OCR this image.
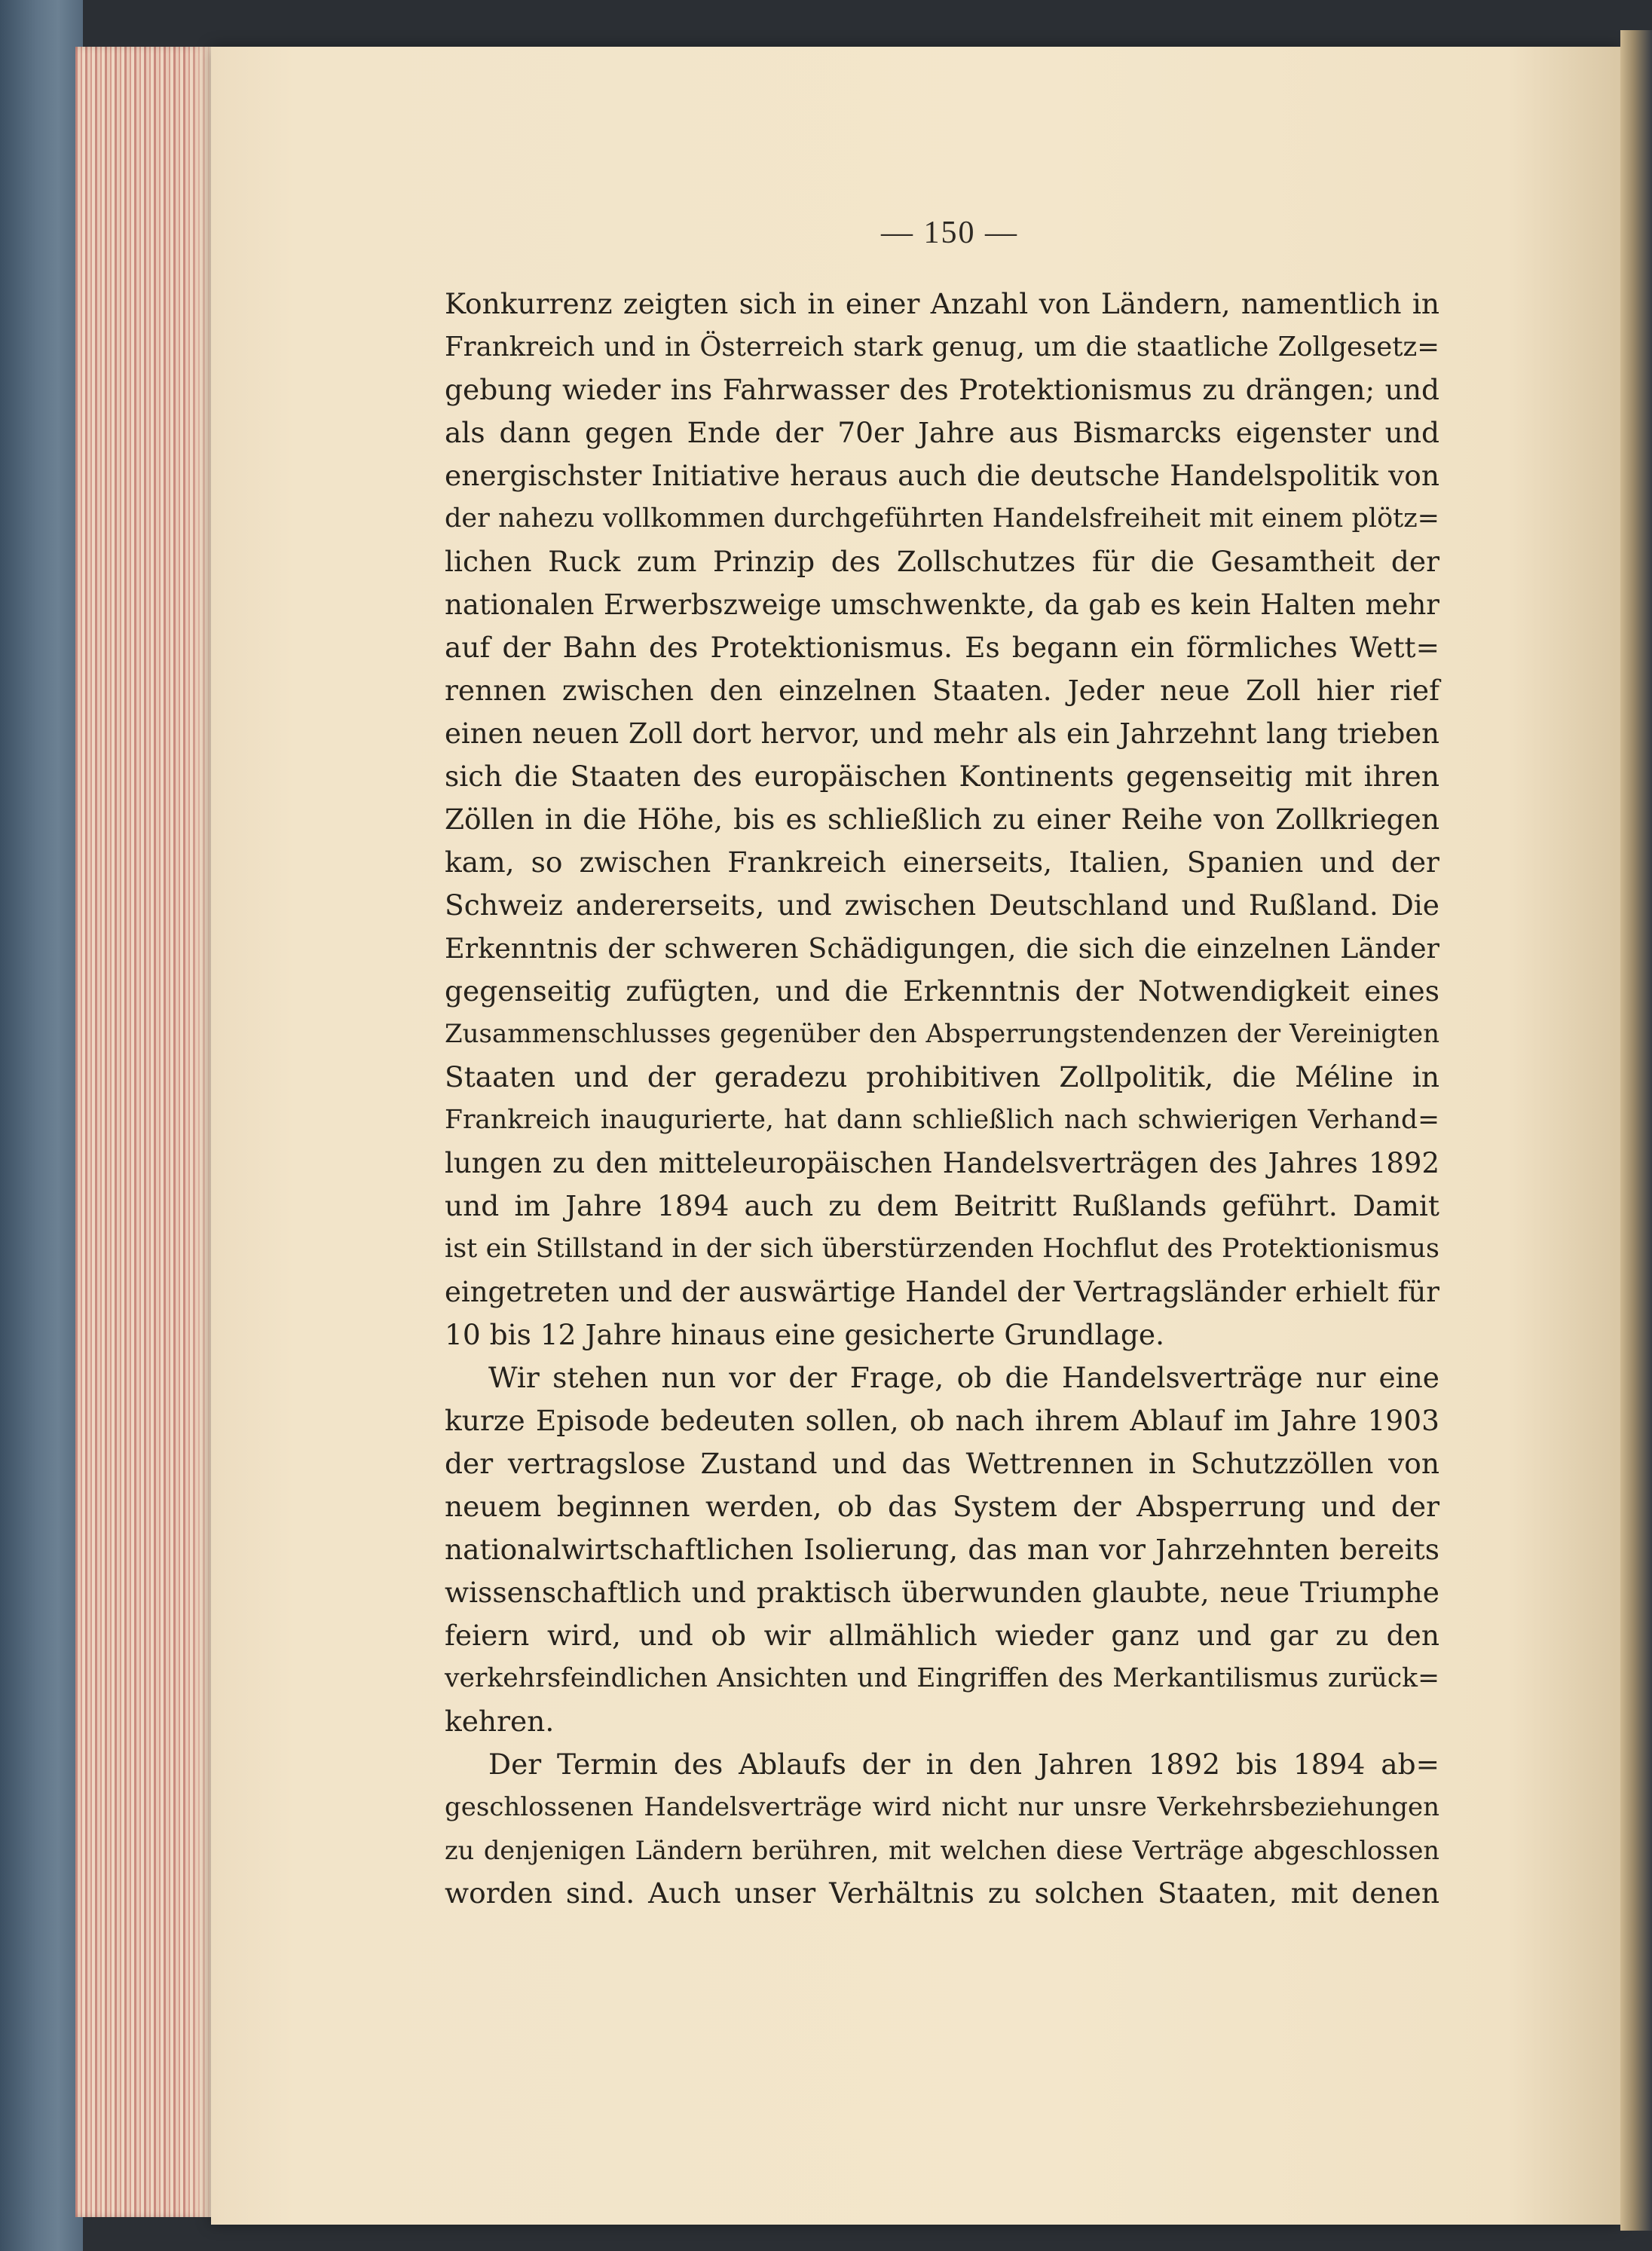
— 150 —
Konkurrenz zeigten sich in einer Anzahl von Ländern, namentlich in
Frankreich und in Österreich stark genug, um die staatliche Zollgesetz=
gebung wieder ins Fahrwasser des Protektionismus zu drängen; und
als dann gegen Ende der 70er Jahre aus Bismarcks eigenster und
energischster Initiative heraus auch die deutsche Handelspolitik von
der nahezu vollkommen durchgeführten Handelsfreiheit mit einem plötz=
lichen Ruck zum Prinzip des Zollschutzes für die Gesamtheit der
nationalen Erwerbszweige umschwenkte, da gab es kein Halten mehr
auf der Bahn des Protektionismus. Es begann ein förmliches Wett=
rennen zwischen den einzelnen Staaten. Jeder neue Zoll hier rief
einen neuen Zoll dort hervor, und mehr als ein Jahrzehnt lang trieben
sich die Staaten des europäischen Kontinents gegenseitig mit ihren
Zöllen in die Höhe, bis es schließlich zu einer Reihe von Zollkriegen
kam, so zwischen Frankreich einerseits, Italien, Spanien und der
Schweiz andererseits, und zwischen Deutschland und Rußland. Die
Erkenntnis der schweren Schädigungen, die sich die einzelnen Länder
gegenseitig zufügten, und die Erkenntnis der Notwendigkeit eines
Zusammenschlusses gegenüber den Absperrungstendenzen der Vereinigten
Staaten und der geradezu prohibitiven Zollpolitik, die Méline in
Frankreich inaugurierte, hat dann schließlich nach schwierigen Verhand=
lungen zu den mitteleuropäischen Handelsverträgen des Jahres 1892
und im Jahre 1894 auch zu dem Beitritt Rußlands geführt. Damit
ist ein Stillstand in der sich überstürzenden Hochflut des Protektionismus
eingetreten und der auswärtige Handel der Vertragsländer erhielt für
10 bis 12 Jahre hinaus eine gesicherte Grundlage.
Wir stehen nun vor der Frage, ob die Handelsverträge nur eine
kurze Episode bedeuten sollen, ob nach ihrem Ablauf im Jahre 1903
der vertragslose Zustand und das Wettrennen in Schutzzöllen von
neuem beginnen werden, ob das System der Absperrung und der
nationalwirtschaftlichen Isolierung, das man vor Jahrzehnten bereits
wissenschaftlich und praktisch überwunden glaubte, neue Triumphe
feiern wird, und ob wir allmählich wieder ganz und gar zu den
verkehrsfeindlichen Ansichten und Eingriffen des Merkantilismus zurück=
kehren.
Der Termin des Ablaufs der in den Jahren 1892 bis 1894 ab=
geschlossenen Handelsverträge wird nicht nur unsre Verkehrsbeziehungen
zu denjenigen Ländern berühren, mit welchen diese Verträge abgeschlossen
worden sind. Auch unser Verhältnis zu solchen Staaten, mit denen
